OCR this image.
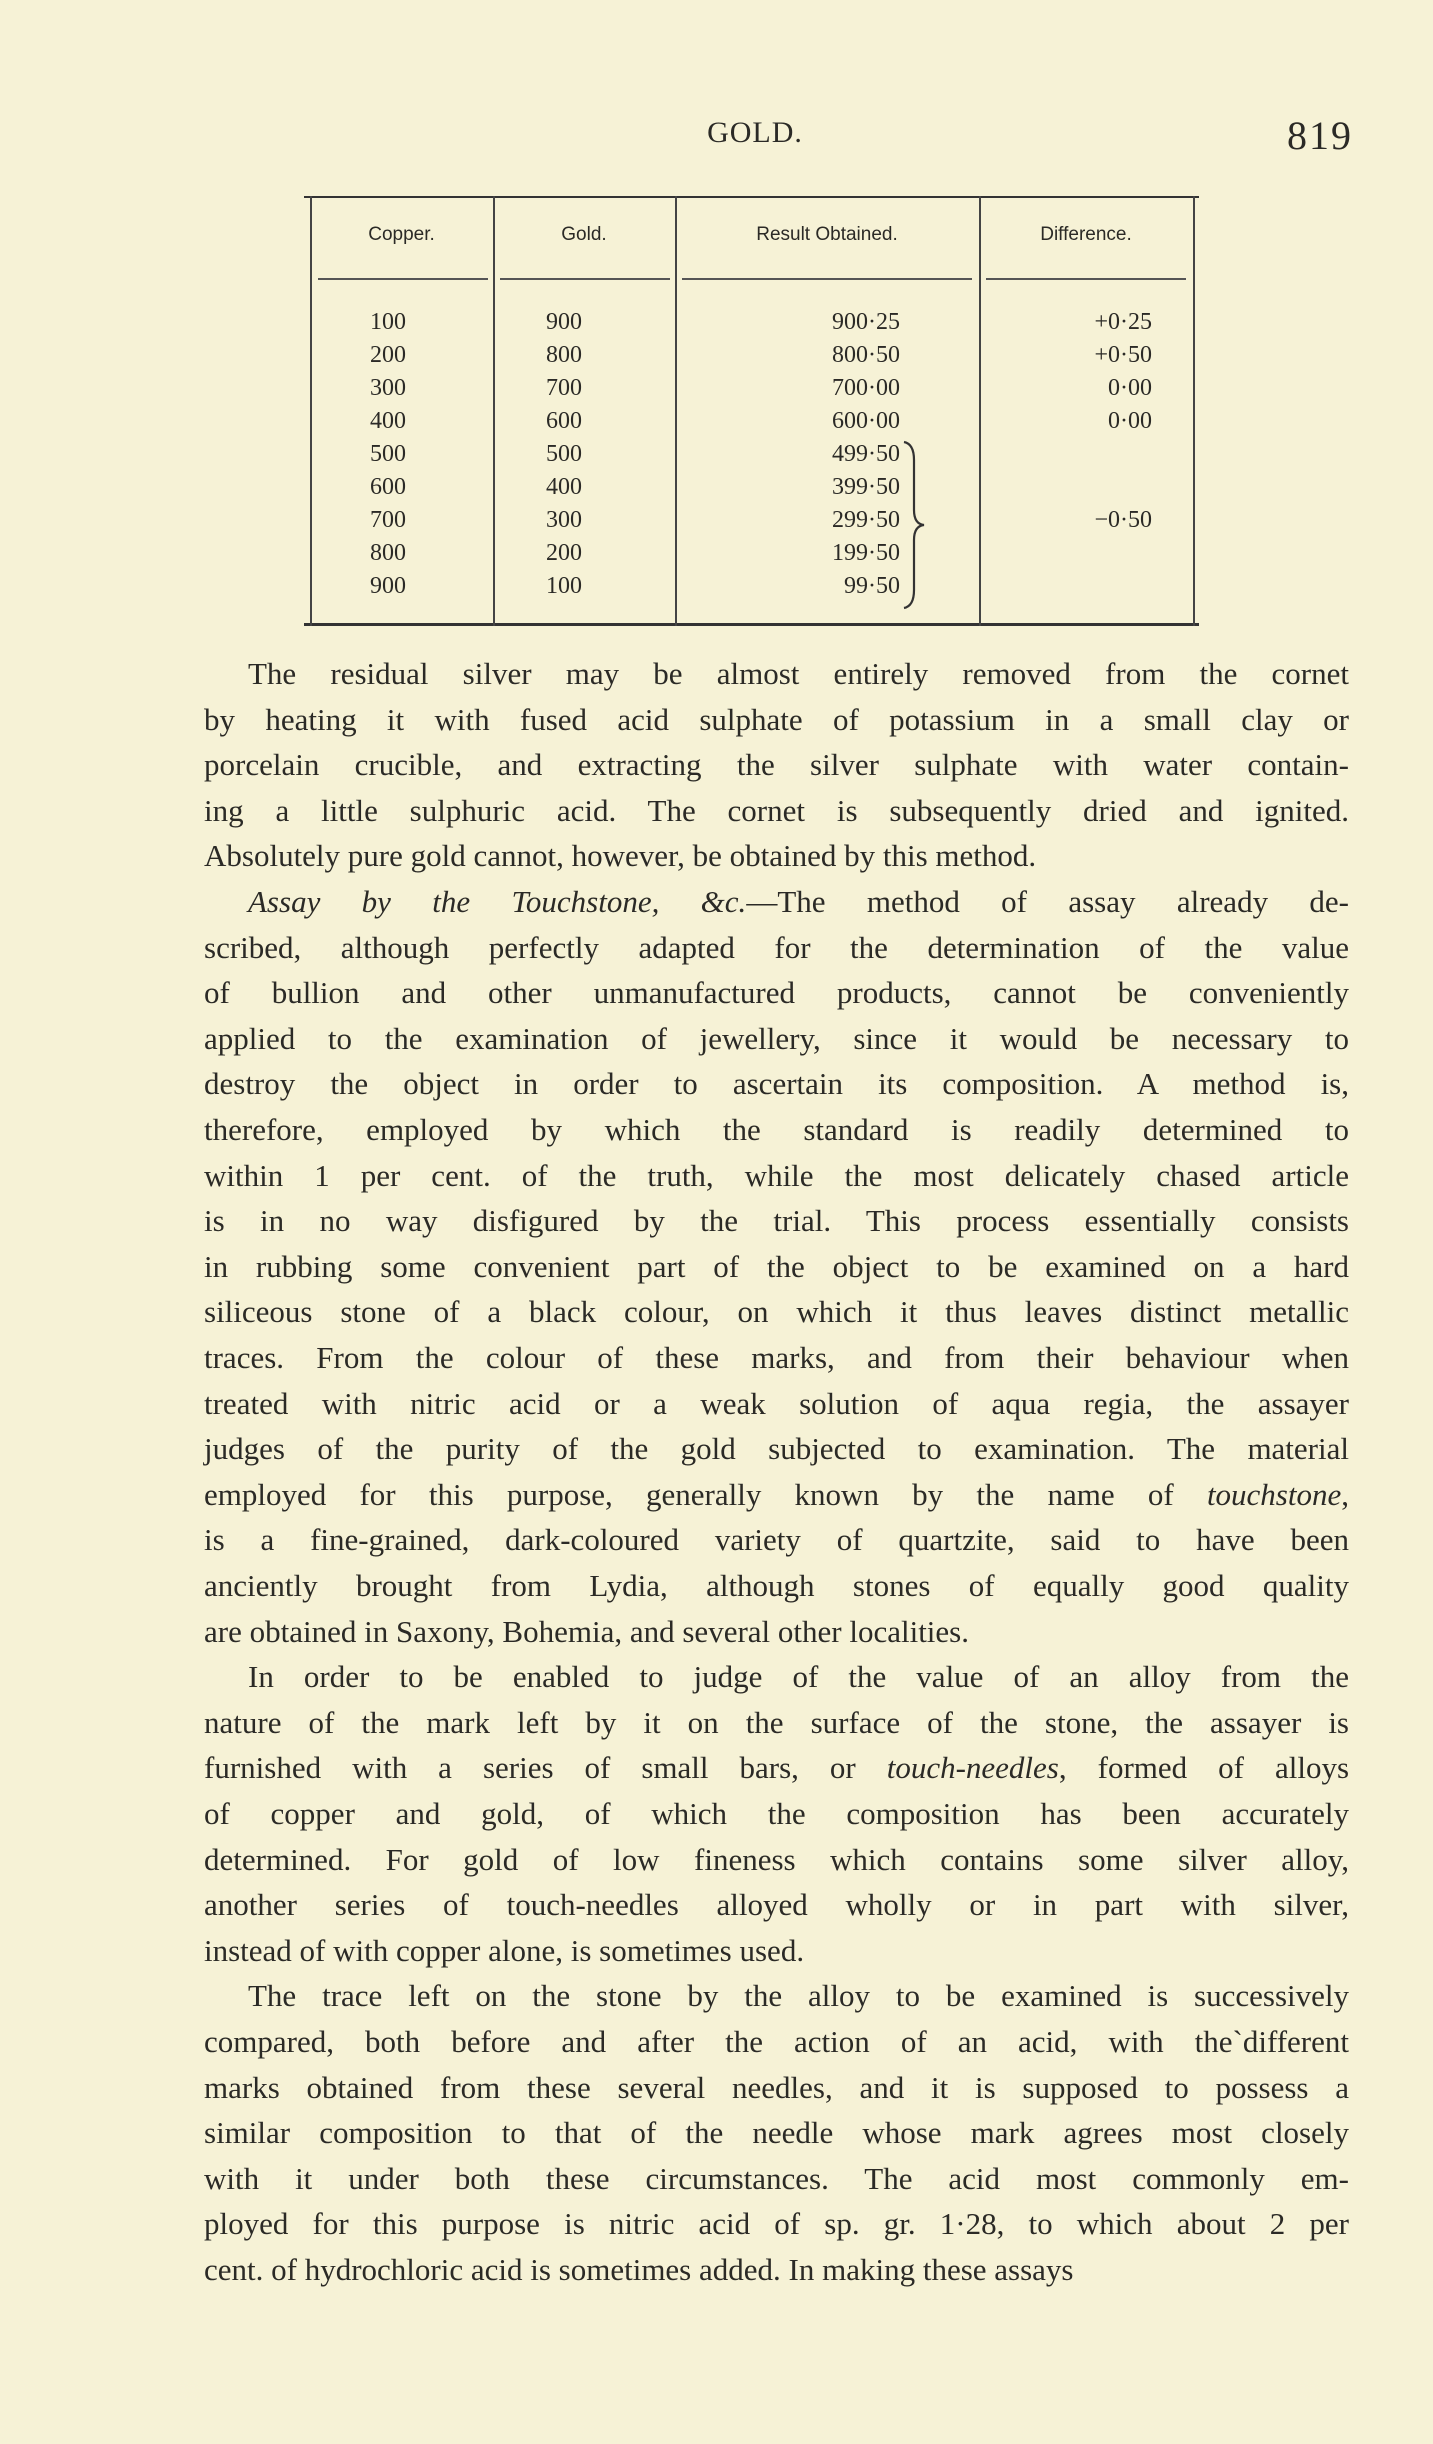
GOLD.	819
Copper.	Gold.	Result Obtained.	Difference.
100	900	900·25	+0·25
200	800	800·50	+0·50
300	700	700·00	0·00
400	600	600·00	0·00
500	500	499·50
600	400	399·50
700	300	299·50	−0·50
800	200	199·50
900	100	99·50
The residual silver may be almost entirely removed from the cornet
by heating it with fused acid sulphate of potassium in a small clay or
porcelain crucible, and extracting the silver sulphate with water contain-
ing a little sulphuric acid. The cornet is subsequently dried and ignited.
Absolutely pure gold cannot, however, be obtained by this method.
Assay by the Touchstone, &c.—The method of assay already de-
scribed, although perfectly adapted for the determination of the value
of bullion and other unmanufactured products, cannot be conveniently
applied to the examination of jewellery, since it would be necessary to
destroy the object in order to ascertain its composition. A method is,
therefore, employed by which the standard is readily determined to
within 1 per cent. of the truth, while the most delicately chased article
is in no way disfigured by the trial. This process essentially consists
in rubbing some convenient part of the object to be examined on a hard
siliceous stone of a black colour, on which it thus leaves distinct metallic
traces. From the colour of these marks, and from their behaviour when
treated with nitric acid or a weak solution of aqua regia, the assayer
judges of the purity of the gold subjected to examination. The material
employed for this purpose, generally known by the name of touchstone,
is a fine-grained, dark-coloured variety of quartzite, said to have been
anciently brought from Lydia, although stones of equally good quality
are obtained in Saxony, Bohemia, and several other localities.
In order to be enabled to judge of the value of an alloy from the
nature of the mark left by it on the surface of the stone, the assayer is
furnished with a series of small bars, or touch-needles, formed of alloys
of copper and gold, of which the composition has been accurately
determined. For gold of low fineness which contains some silver alloy,
another series of touch-needles alloyed wholly or in part with silver,
instead of with copper alone, is sometimes used.
The trace left on the stone by the alloy to be examined is successively
compared, both before and after the action of an acid, with the`different
marks obtained from these several needles, and it is supposed to possess a
similar composition to that of the needle whose mark agrees most closely
with it under both these circumstances. The acid most commonly em-
ployed for this purpose is nitric acid of sp. gr. 1·28, to which about 2 per
cent. of hydrochloric acid is sometimes added. In making these assays
